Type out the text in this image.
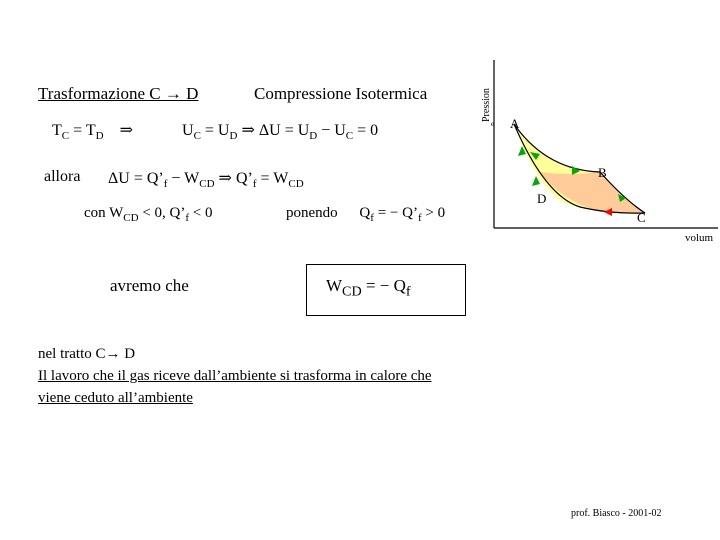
Trasformazione C → D	Compressione Isotermica
$T_C = T_D$ ⇒	$U_C = U_D$ ⇒ $\Delta U = U_D - U_C = 0$
allora $\Delta U = Q’_f - W_{CD}$ ⇒ $Q’_f = W_{CD}$
con $W_{CD} < 0$, $Q’_f < 0$	ponendo $Q_f$ = − $Q’_f > 0$
avremo che	$W_{CD}$ = − $Q_f$
nel tratto C→ D
Il lavoro che il gas riceve dall’ambiente si trasforma in calore che
viene ceduto all’ambiente
Pression
e A
B
C
D
volum
prof. Biasco - 2001-02
